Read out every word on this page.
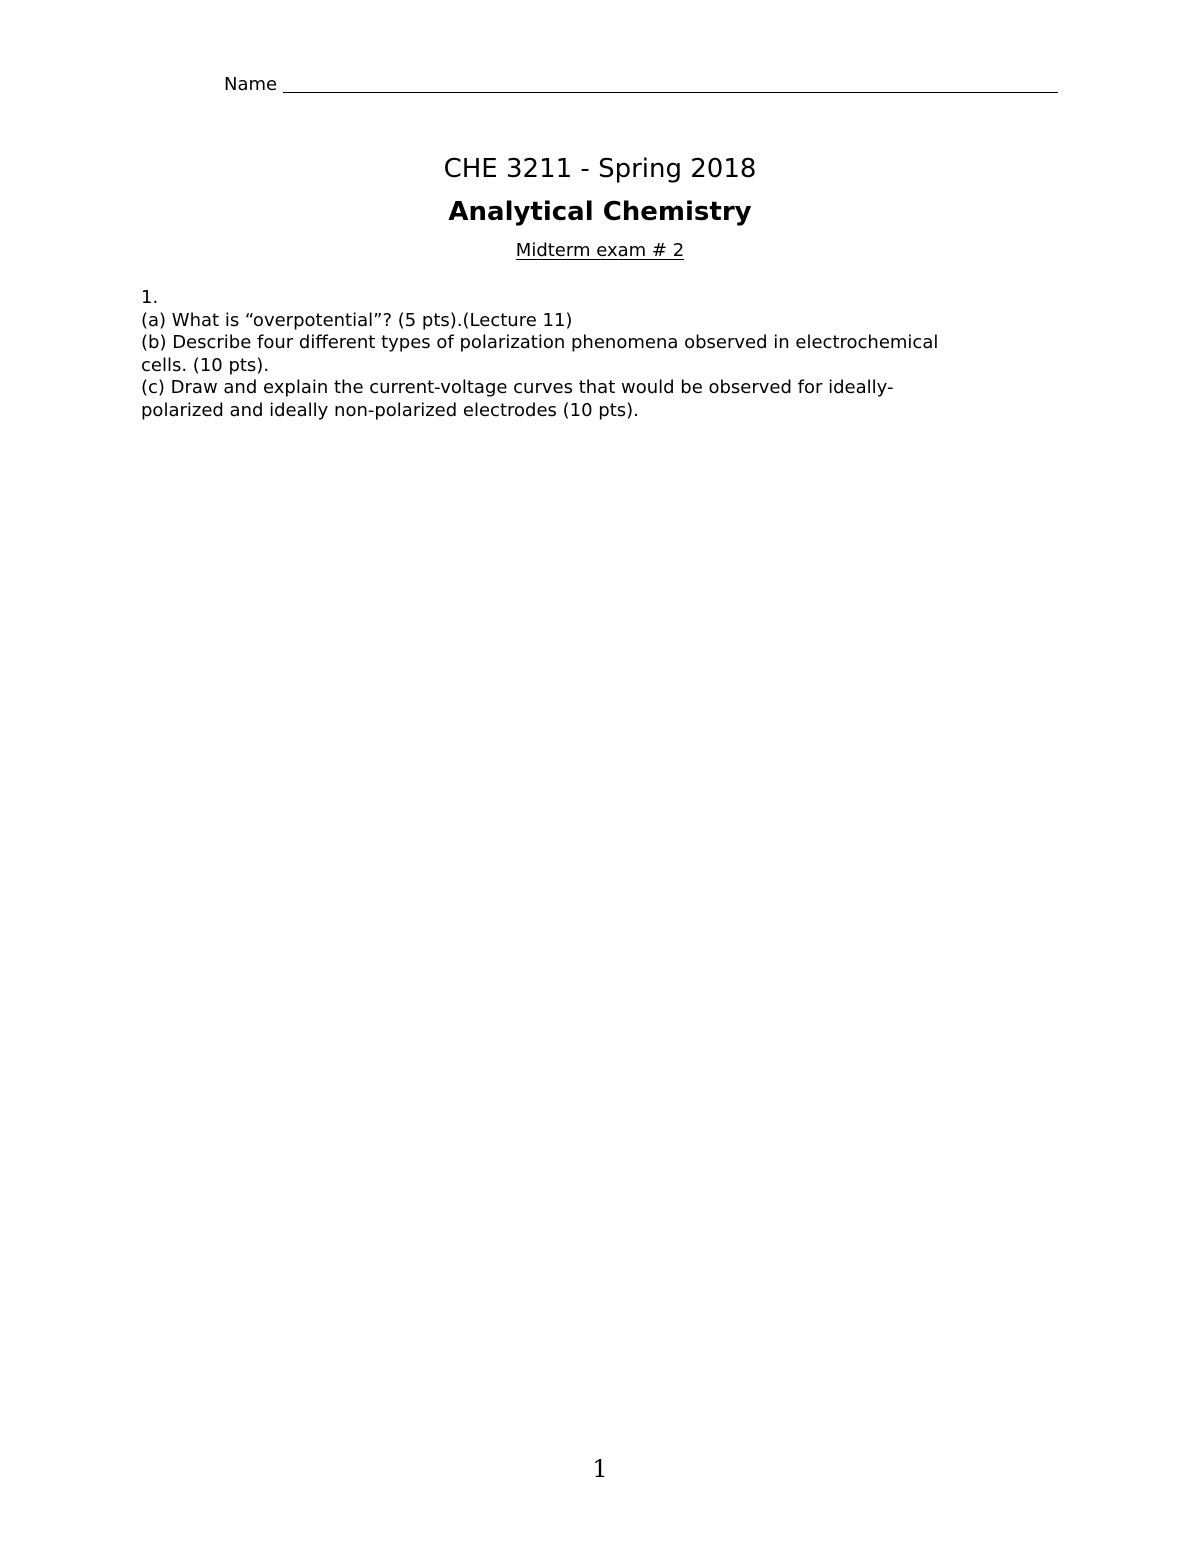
Name
CHE 3211 - Spring 2018
Analytical Chemistry
Midterm exam # 2
1.
(a) What is “overpotential”? (5 pts).(Lecture 11)
(b) Describe four different types of polarization phenomena observed in electrochemical
cells. (10 pts).
(c) Draw and explain the current-voltage curves that would be observed for ideally-
polarized and ideally non-polarized electrodes (10 pts).
1
